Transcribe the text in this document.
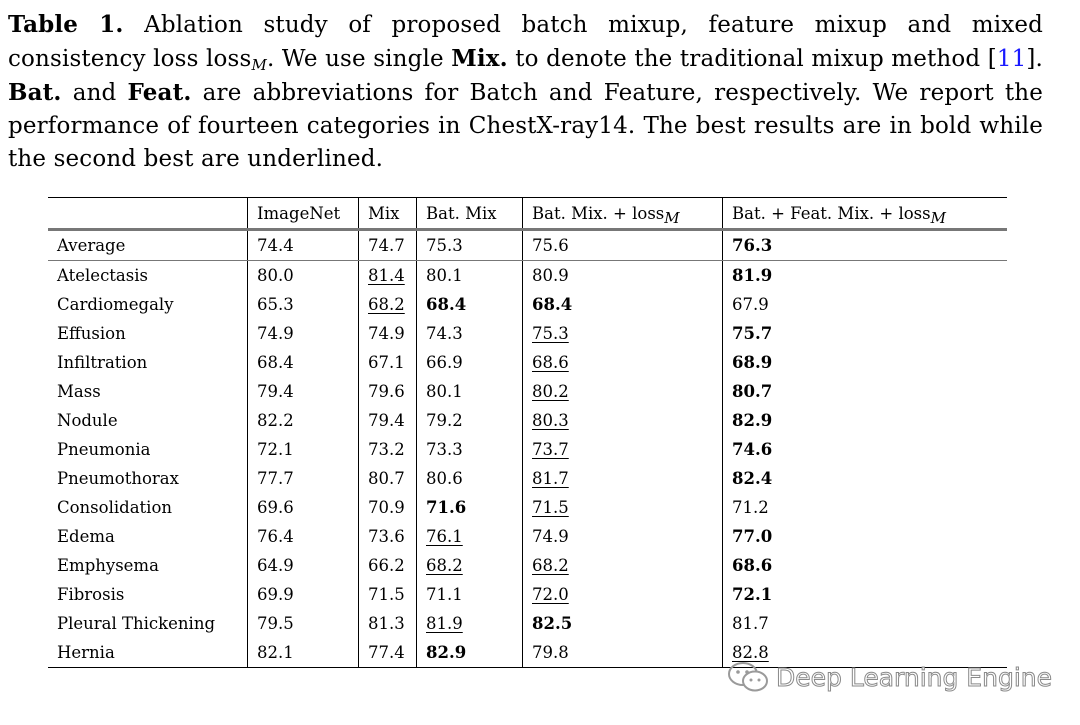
Table 1. Ablation study of proposed batch mixup, feature mixup and mixed consistency loss loss$_M$. We use single Mix. to denote the traditional mixup method [11]. Bat. and Feat. are abbreviations for Batch and Feature, respectively. We report the performance of fourteen categories in ChestX-ray14. The best results are in bold while the second best are underlined.
	ImageNet	Mix	Bat. Mix	Bat. Mix. + loss$_M$	Bat. + Feat. Mix. + loss$_M$
Average	74.4	74.7	75.3	75.6	76.3
Atelectasis	80.0	81.4	80.1	80.9	81.9
Cardiomegaly	65.3	68.2	68.4	68.4	67.9
Effusion	74.9	74.9	74.3	75.3	75.7
Infiltration	68.4	67.1	66.9	68.6	68.9
Mass	79.4	79.6	80.1	80.2	80.7
Nodule	82.2	79.4	79.2	80.3	82.9
Pneumonia	72.1	73.2	73.3	73.7	74.6
Pneumothorax	77.7	80.7	80.6	81.7	82.4
Consolidation	69.6	70.9	71.6	71.5	71.2
Edema	76.4	73.6	76.1	74.9	77.0
Emphysema	64.9	66.2	68.2	68.2	68.6
Fibrosis	69.9	71.5	71.1	72.0	72.1
Pleural Thickening	79.5	81.3	81.9	82.5	81.7
Hernia	82.1	77.4	82.9	79.8	82.8
Deep Learning Engine
